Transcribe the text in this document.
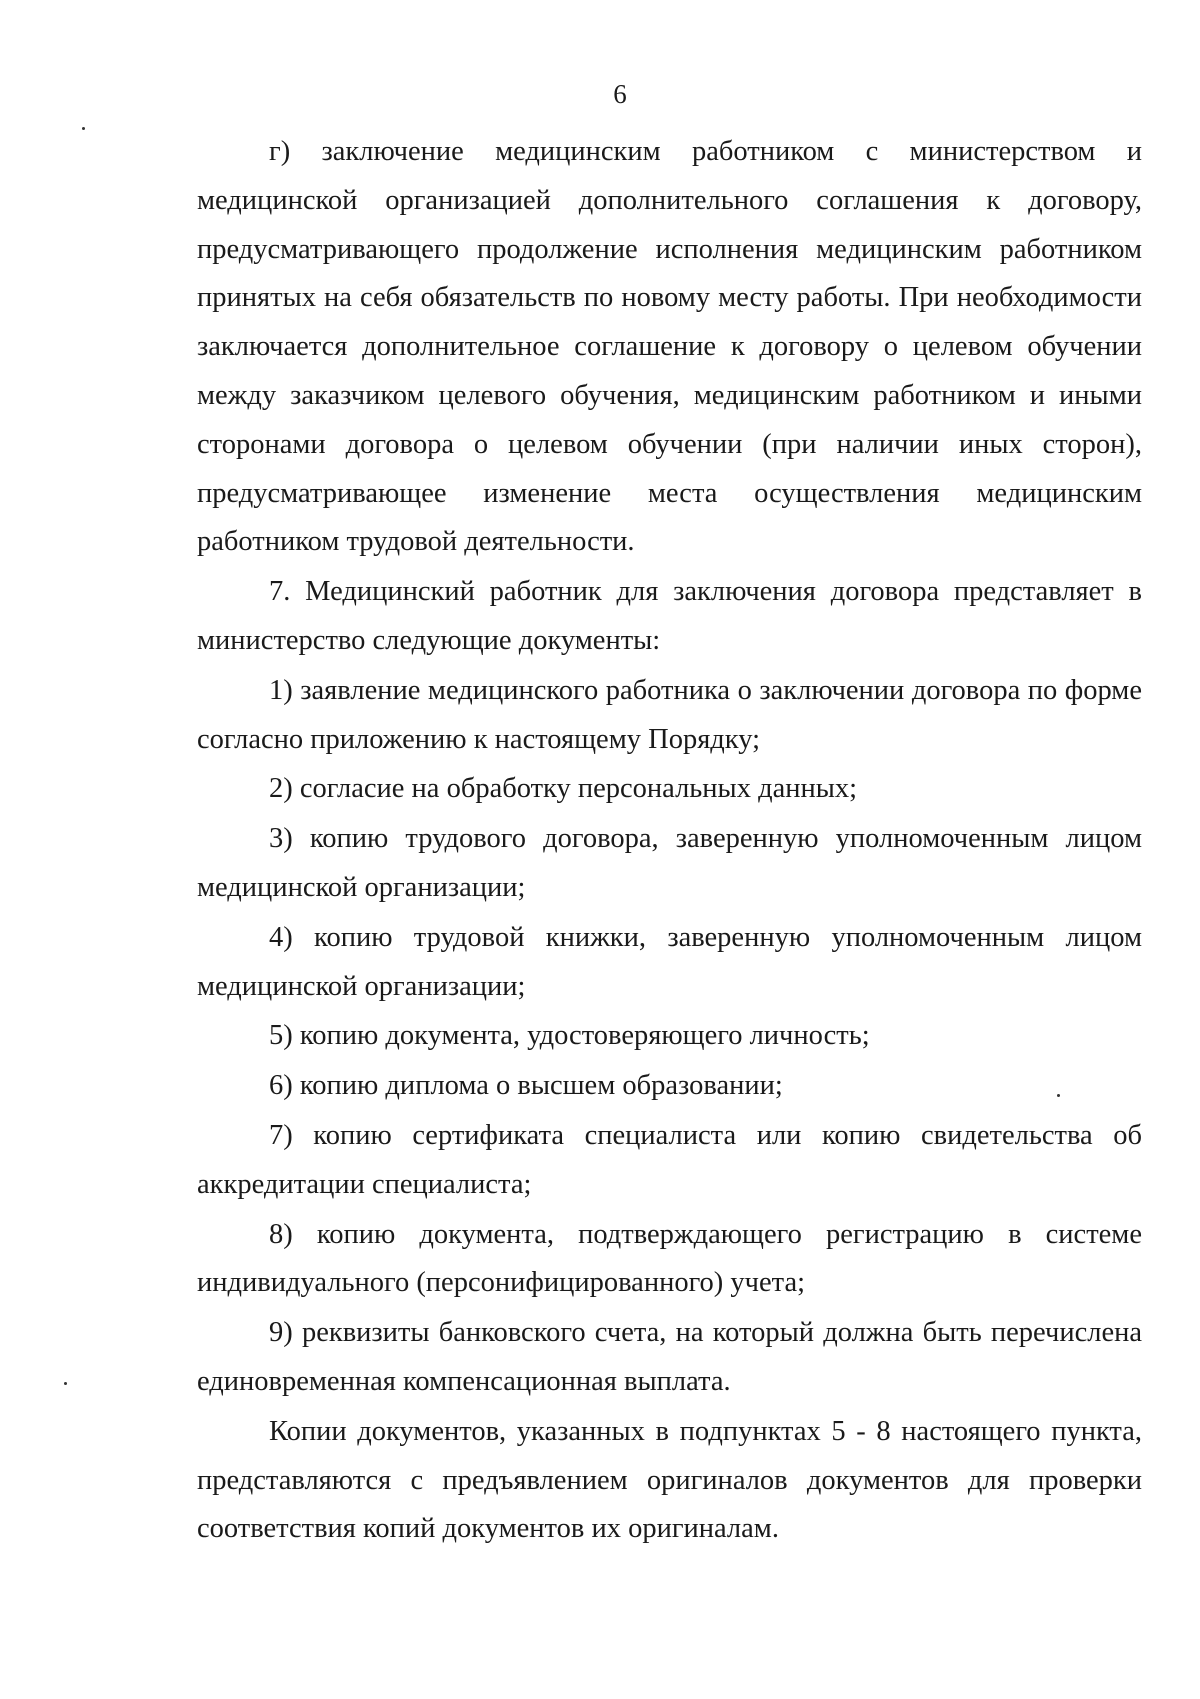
6

г) заключение медицинским работником с министерством и медицинской организацией дополнительного соглашения к договору, предусматривающего продолжение исполнения медицинским работником принятых на себя обязательств по новому месту работы. При необходимости заключается дополнительное соглашение к договору о целевом обучении между заказчиком целевого обучения, медицинским работником и иными сторонами договора о целевом обучении (при наличии иных сторон), предусматривающее изменение места осуществления медицинским работником трудовой деятельности.

7. Медицинский работник для заключения договора представляет в министерство следующие документы:

1) заявление медицинского работника о заключении договора по форме согласно приложению к настоящему Порядку;

2) согласие на обработку персональных данных;

3) копию трудового договора, заверенную уполномоченным лицом медицинской организации;

4) копию трудовой книжки, заверенную уполномоченным лицом медицинской организации;

5) копию документа, удостоверяющего личность;

6) копию диплома о высшем образовании;

7) копию сертификата специалиста или копию свидетельства об аккредитации специалиста;

8) копию документа, подтверждающего регистрацию в системе индивидуального (персонифицированного) учета;

9) реквизиты банковского счета, на который должна быть перечислена единовременная компенсационная выплата.

Копии документов, указанных в подпунктах 5 - 8 настоящего пункта, представляются с предъявлением оригиналов документов для проверки соответствия копий документов их оригиналам.
